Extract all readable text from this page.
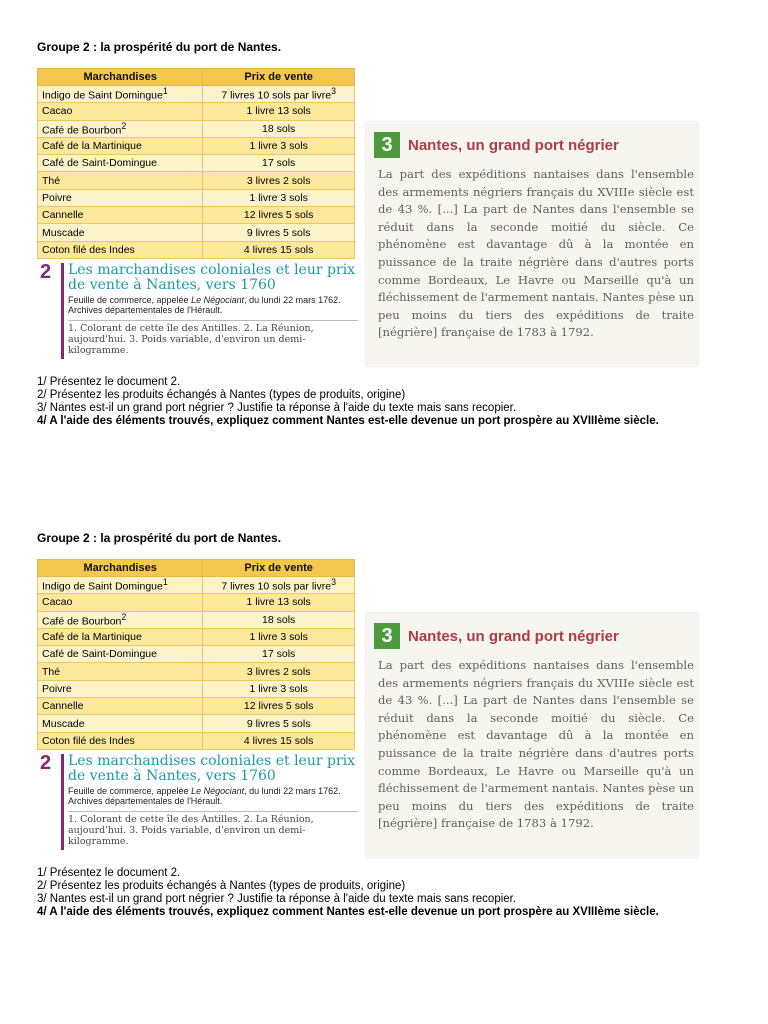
Groupe 2 : la prospérité du port de Nantes.
Marchandises	Prix de vente
Indigo de Saint Domingue$^1$	7 livres 10 sols par livre$^3$
Cacao	1 livre 13 sols
Café de Bourbon$^2$	18 sols
Café de la Martinique	1 livre 3 sols
Café de Saint-Domingue	17 sols
Thé	3 livres 2 sols
Poivre	1 livre 3 sols
Cannelle	12 livres 5 sols
Muscade	9 livres 5 sols
Coton filé des Indes	4 livres 15 sols
2 Les marchandises coloniales et leur prix de vente à Nantes, vers 1760
Feuille de commerce, appelée Le Négociant, du lundi 22 mars 1762. Archives départementales de l'Hérault.
1. Colorant de cette île des Antilles. 2. La Réunion, aujourd'hui. 3. Poids variable, d'environ un demi-kilogramme.
3	Nantes, un grand port négrier
La part des expéditions nantaises dans l'ensemble des armements négriers français du XVIIIe siècle est de 43 %. [...] La part de Nantes dans l'ensemble se réduit dans la seconde moitié du siècle. Ce phénomène est davantage dû à la montée en puissance de la traite négrière dans d'autres ports comme Bordeaux, Le Havre ou Marseille qu'à un fléchissement de l'armement nantais. Nantes pèse un peu moins du tiers des expéditions de traite [négrière] française de 1783 à 1792.
1/ Présentez le document 2.
2/ Présentez les produits échangés à Nantes (types de produits, origine)
3/ Nantes est-il un grand port négrier ? Justifie ta réponse à l'aide du texte mais sans recopier.
4/ A l'aide des éléments trouvés, expliquez comment Nantes est-elle devenue un port prospère au XVIIIème siècle.
Groupe 2 : la prospérité du port de Nantes.
Marchandises	Prix de vente
Indigo de Saint Domingue$^1$	7 livres 10 sols par livre$^3$
Cacao	1 livre 13 sols
Café de Bourbon$^2$	18 sols
Café de la Martinique	1 livre 3 sols
Café de Saint-Domingue	17 sols
Thé	3 livres 2 sols
Poivre	1 livre 3 sols
Cannelle	12 livres 5 sols
Muscade	9 livres 5 sols
Coton filé des Indes	4 livres 15 sols
2 Les marchandises coloniales et leur prix de vente à Nantes, vers 1760
Feuille de commerce, appelée Le Négociant, du lundi 22 mars 1762. Archives départementales de l'Hérault.
1. Colorant de cette île des Antilles. 2. La Réunion, aujourd'hui. 3. Poids variable, d'environ un demi-kilogramme.
3	Nantes, un grand port négrier
La part des expéditions nantaises dans l'ensemble des armements négriers français du XVIIIe siècle est de 43 %. [...] La part de Nantes dans l'ensemble se réduit dans la seconde moitié du siècle. Ce phénomène est davantage dû à la montée en puissance de la traite négrière dans d'autres ports comme Bordeaux, Le Havre ou Marseille qu'à un fléchissement de l'armement nantais. Nantes pèse un peu moins du tiers des expéditions de traite [négrière] française de 1783 à 1792.
1/ Présentez le document 2.
2/ Présentez les produits échangés à Nantes (types de produits, origine)
3/ Nantes est-il un grand port négrier ? Justifie ta réponse à l'aide du texte mais sans recopier.
4/ A l'aide des éléments trouvés, expliquez comment Nantes est-elle devenue un port prospère au XVIIIème siècle.
